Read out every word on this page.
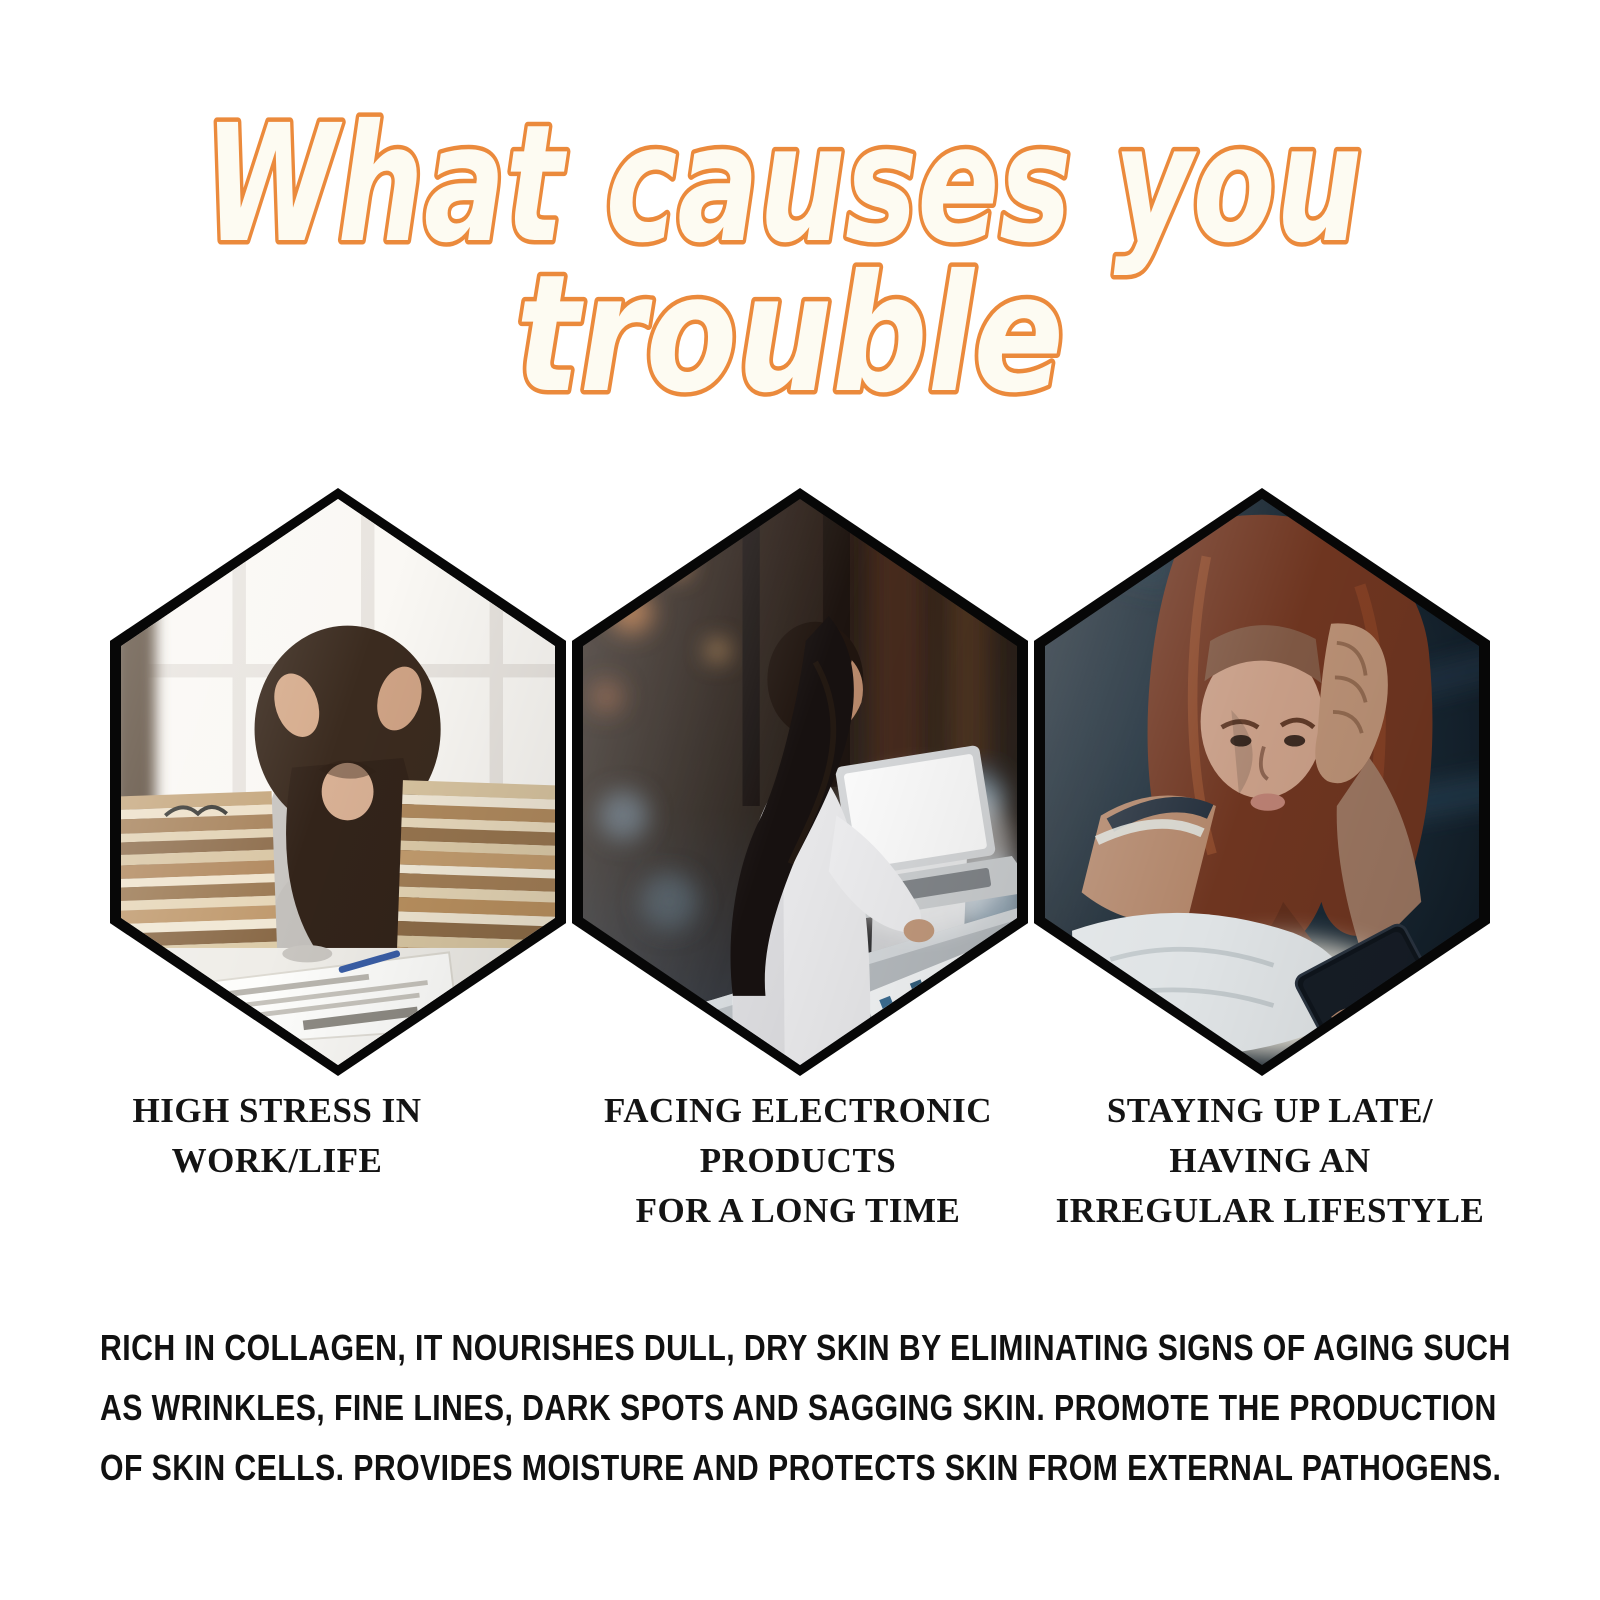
What causes you
trouble
HIGH STRESS IN
WORK/LIFE
FACING ELECTRONIC
PRODUCTS
FOR A LONG TIME
STAYING UP LATE/
HAVING AN
IRREGULAR LIFESTYLE
RICH IN COLLAGEN, IT NOURISHES DULL, DRY SKIN BY ELIMINATING SIGNS OF AGING SUCH
AS WRINKLES, FINE LINES, DARK SPOTS AND SAGGING SKIN. PROMOTE THE PRODUCTION
OF SKIN CELLS. PROVIDES MOISTURE AND PROTECTS SKIN FROM EXTERNAL PATHOGENS.
